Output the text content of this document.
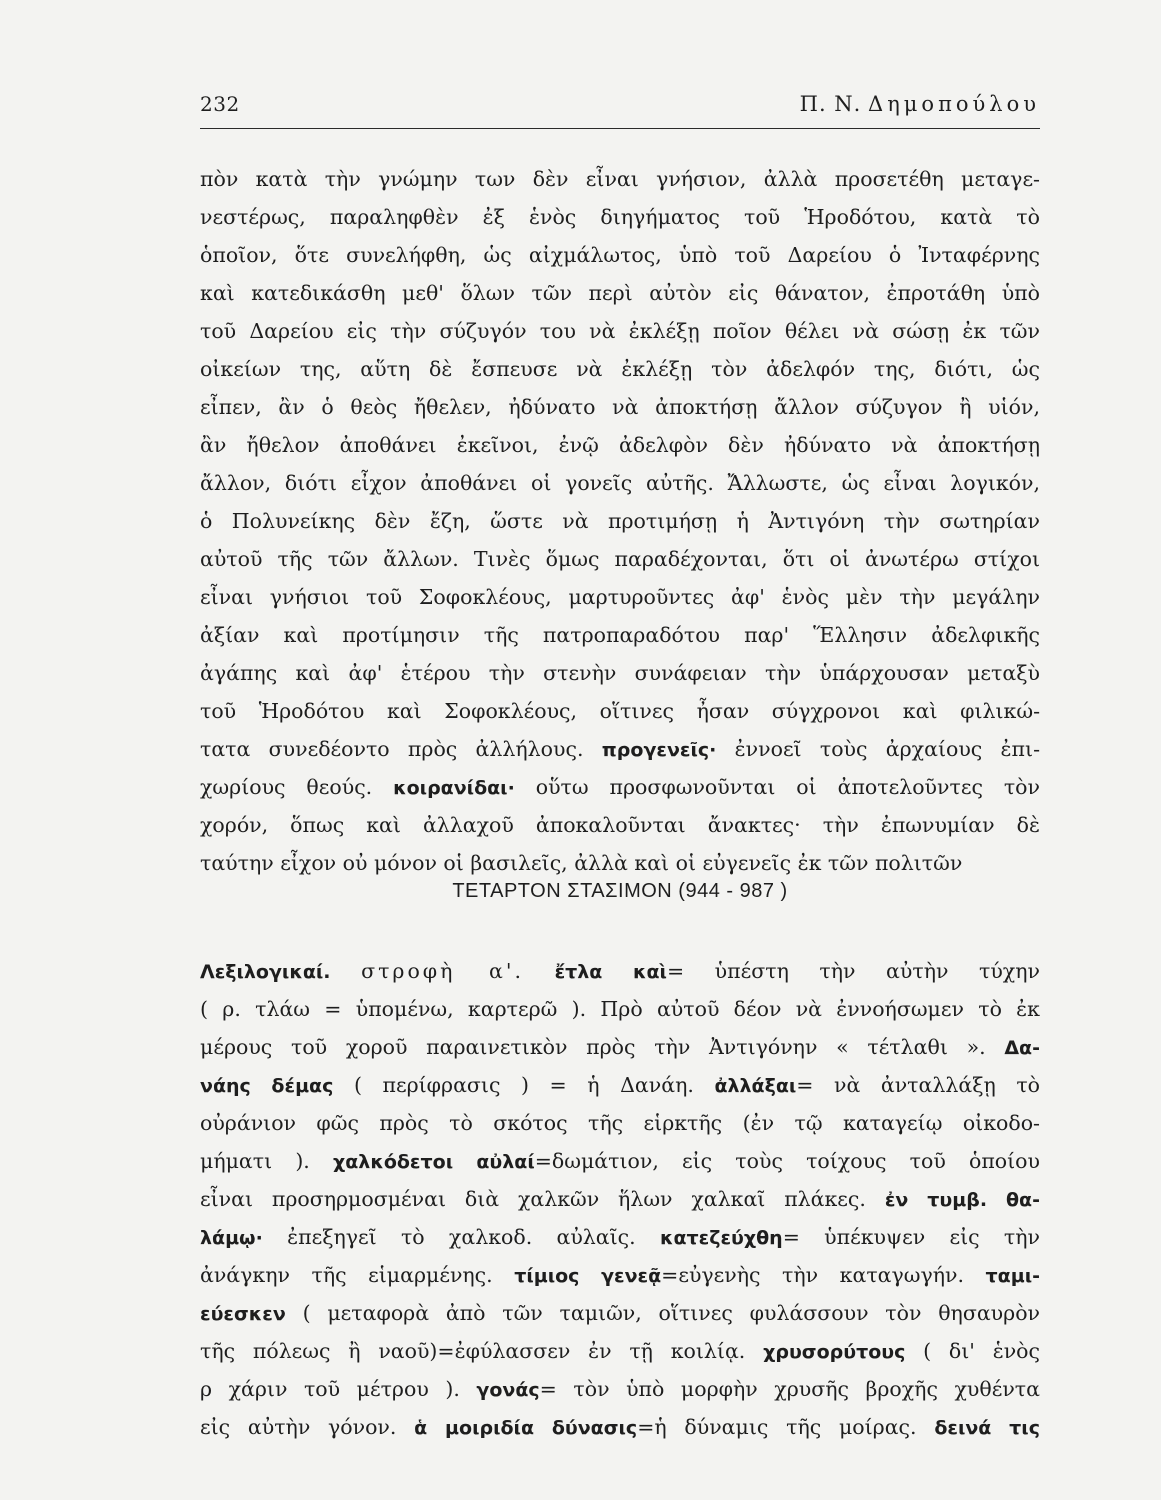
232	Π. Ν. Δημοπούλου
πὸν κατὰ τὴν γνώμην των δὲν εἶναι γνήσιον, ἀλλὰ προσετέθη μεταγε-
νεστέρως, παραληφθὲν ἐξ ἑνὸς διηγήματος τοῦ Ἡροδότου, κατὰ τὸ
ὁποῖον, ὅτε συνελήφθη, ὡς αἰχμάλωτος, ὑπὸ τοῦ Δαρείου ὁ Ἰνταφέρνης
καὶ κατεδικάσθη μεθ' ὅλων τῶν περὶ αὐτὸν εἰς θάνατον, ἐπροτάθη ὑπὸ
τοῦ Δαρείου εἰς τὴν σύζυγόν του νὰ ἐκλέξῃ ποῖον θέλει νὰ σώσῃ ἐκ τῶν
οἰκείων της, αὕτη δὲ ἔσπευσε νὰ ἐκλέξῃ τὸν ἀδελφόν της, διότι, ὡς
εἶπεν, ἂν ὁ θεὸς ἤθελεν, ἠδύνατο νὰ ἀποκτήσῃ ἄλλον σύζυγον ἢ υἱόν,
ἂν ἤθελον ἀποθάνει ἐκεῖνοι, ἐνῷ ἀδελφὸν δὲν ἠδύνατο νὰ ἀποκτήσῃ
ἄλλον, διότι εἶχον ἀποθάνει οἱ γονεῖς αὐτῆς. Ἄλλωστε, ὡς εἶναι λογικόν,
ὁ Πολυνείκης δὲν ἔζη, ὥστε νὰ προτιμήσῃ ἡ Ἀντιγόνη τὴν σωτηρίαν
αὐτοῦ τῆς τῶν ἄλλων. Τινὲς ὅμως παραδέχονται, ὅτι οἱ ἀνωτέρω στίχοι
εἶναι γνήσιοι τοῦ Σοφοκλέους, μαρτυροῦντες ἀφ' ἑνὸς μὲν τὴν μεγάλην
ἀξίαν καὶ προτίμησιν τῆς πατροπαραδότου παρ' Ἕλλησιν ἀδελφικῆς
ἀγάπης καὶ ἀφ' ἑτέρου τὴν στενὴν συνάφειαν τὴν ὑπάρχουσαν μεταξὺ
τοῦ Ἡροδότου καὶ Σοφοκλέους, οἵτινες ἦσαν σύγχρονοι καὶ φιλικώ-
τατα συνεδέοντο πρὸς ἀλλήλους. προγενεῖς· ἐννοεῖ τοὺς ἀρχαίους ἐπι-
χωρίους θεούς. κοιρανίδαι· οὕτω προσφωνοῦνται οἱ ἀποτελοῦντες τὸν
χορόν, ὅπως καὶ ἀλλαχοῦ ἀποκαλοῦνται ἄνακτες· τὴν ἐπωνυμίαν δὲ
ταύτην εἶχον οὐ μόνον οἱ βασιλεῖς, ἀλλὰ καὶ οἱ εὐγενεῖς ἐκ τῶν πολιτῶν
ΤΕΤΑΡΤΟΝ ΣΤΑΣΙΜΟΝ (944 - 987 )
Λεξιλογικαί. στροφὴ α'. ἔτλα καὶ= ὑπέστη τὴν αὐτὴν τύχην
( ρ. τλάω = ὑπομένω, καρτερῶ ). Πρὸ αὐτοῦ δέον νὰ ἐννοήσωμεν τὸ ἐκ
μέρους τοῦ χοροῦ παραινετικὸν πρὸς τὴν Ἀντιγόνην « τέτλαθι ». Δα-
νάης δέμας ( περίφρασις ) = ἡ Δανάη. ἀλλάξαι= νὰ ἀνταλλάξῃ τὸ
οὐράνιον φῶς πρὸς τὸ σκότος τῆς εἱρκτῆς (ἐν τῷ καταγείῳ οἰκοδο-
μήματι ). χαλκόδετοι αὐλαί=δωμάτιον, εἰς τοὺς τοίχους τοῦ ὁποίου
εἶναι προσηρμοσμέναι διὰ χαλκῶν ἥλων χαλκαῖ πλάκες. ἐν τυμβ. θα-
λάμῳ· ἐπεξηγεῖ τὸ χαλκοδ. αὐλαῖς. κατεζεύχθη= ὑπέκυψεν εἰς τὴν
ἀνάγκην τῆς εἱμαρμένης. τίμιος γενεᾷ=εὐγενὴς τὴν καταγωγήν. ταμι-
εύεσκεν ( μεταφορὰ ἀπὸ τῶν ταμιῶν, οἵτινες φυλάσσουν τὸν θησαυρὸν
τῆς πόλεως ἢ ναοῦ)=ἐφύλασσεν ἐν τῇ κοιλίᾳ. χρυσορύτους ( δι' ἑνὸς
ρ χάριν τοῦ μέτρου ). γονάς= τὸν ὑπὸ μορφὴν χρυσῆς βροχῆς χυθέντα
εἰς αὐτὴν γόνον. ἁ μοιριδία δύνασις=ἡ δύναμις τῆς μοίρας. δεινά τις
